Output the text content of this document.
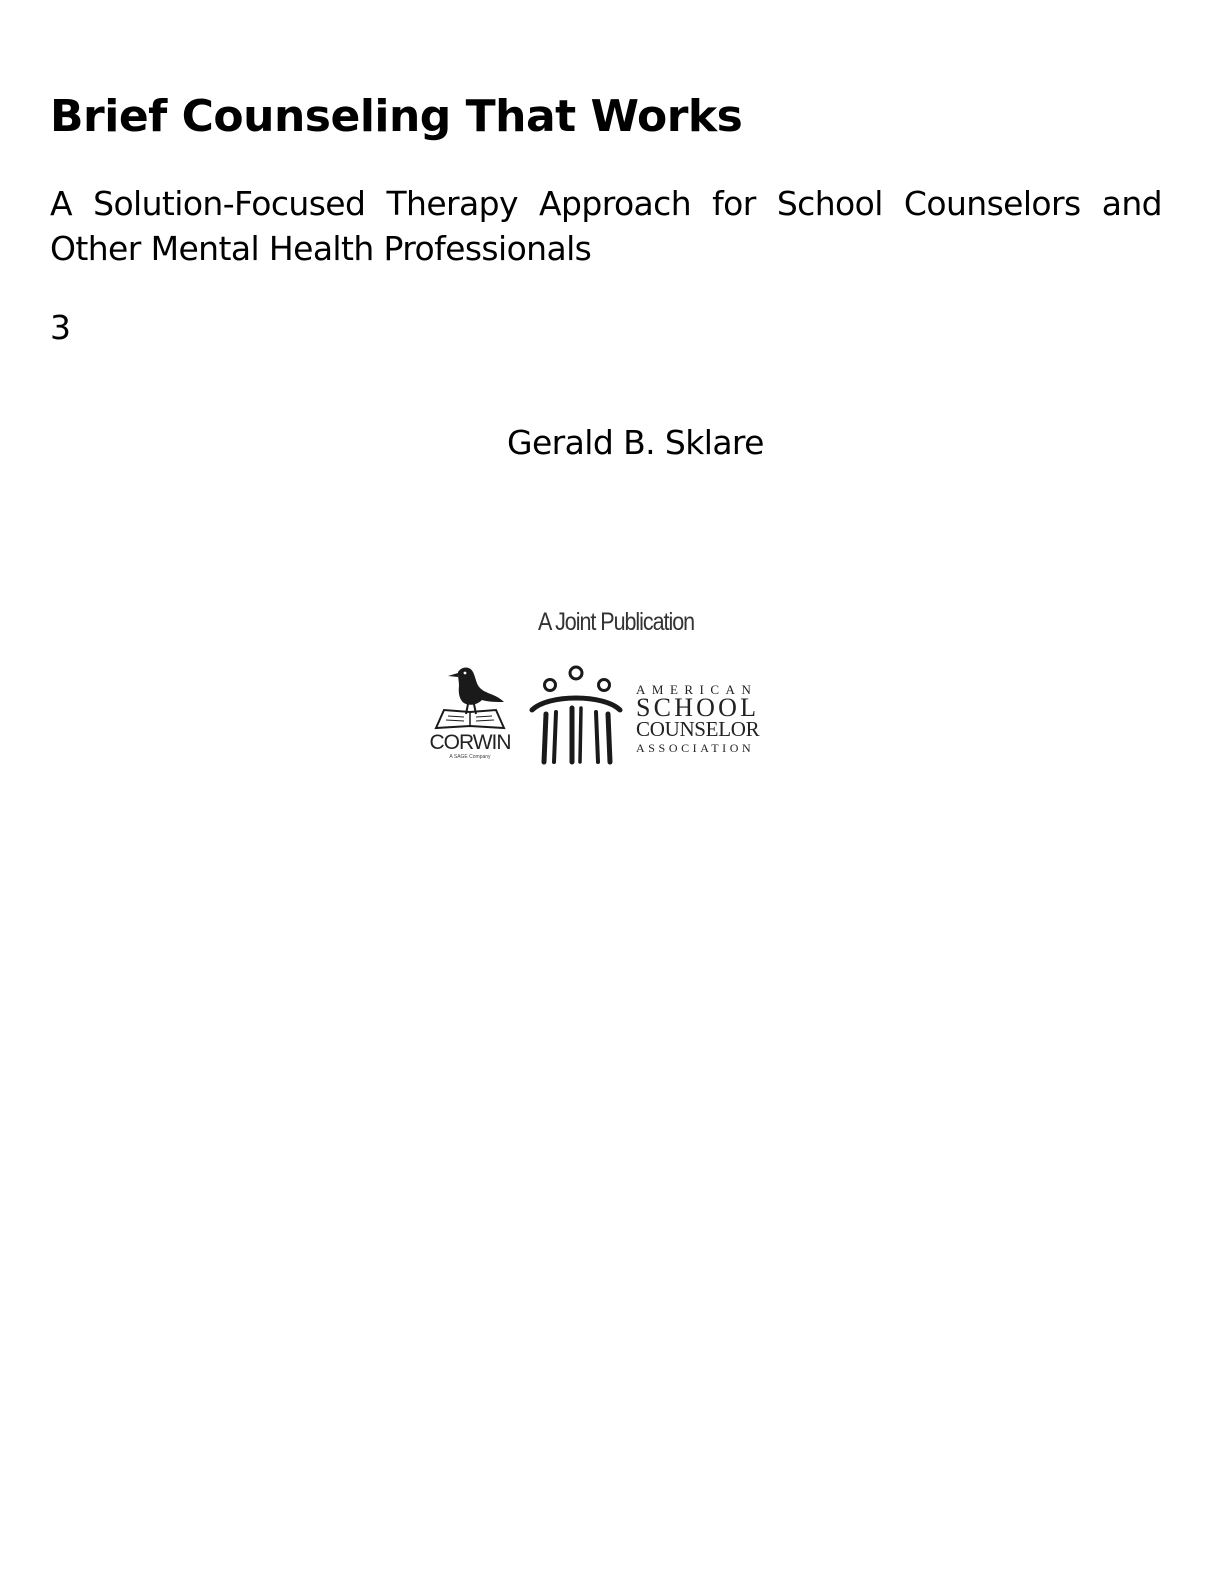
Brief Counseling That Works

A Solution-Focused Therapy Approach for School Counselors and Other Mental Health Professionals

3

Gerald B. Sklare

A Joint Publication

CORWIN
A SAGE Company
AMERICAN
SCHOOL
COUNSELOR
ASSOCIATION
